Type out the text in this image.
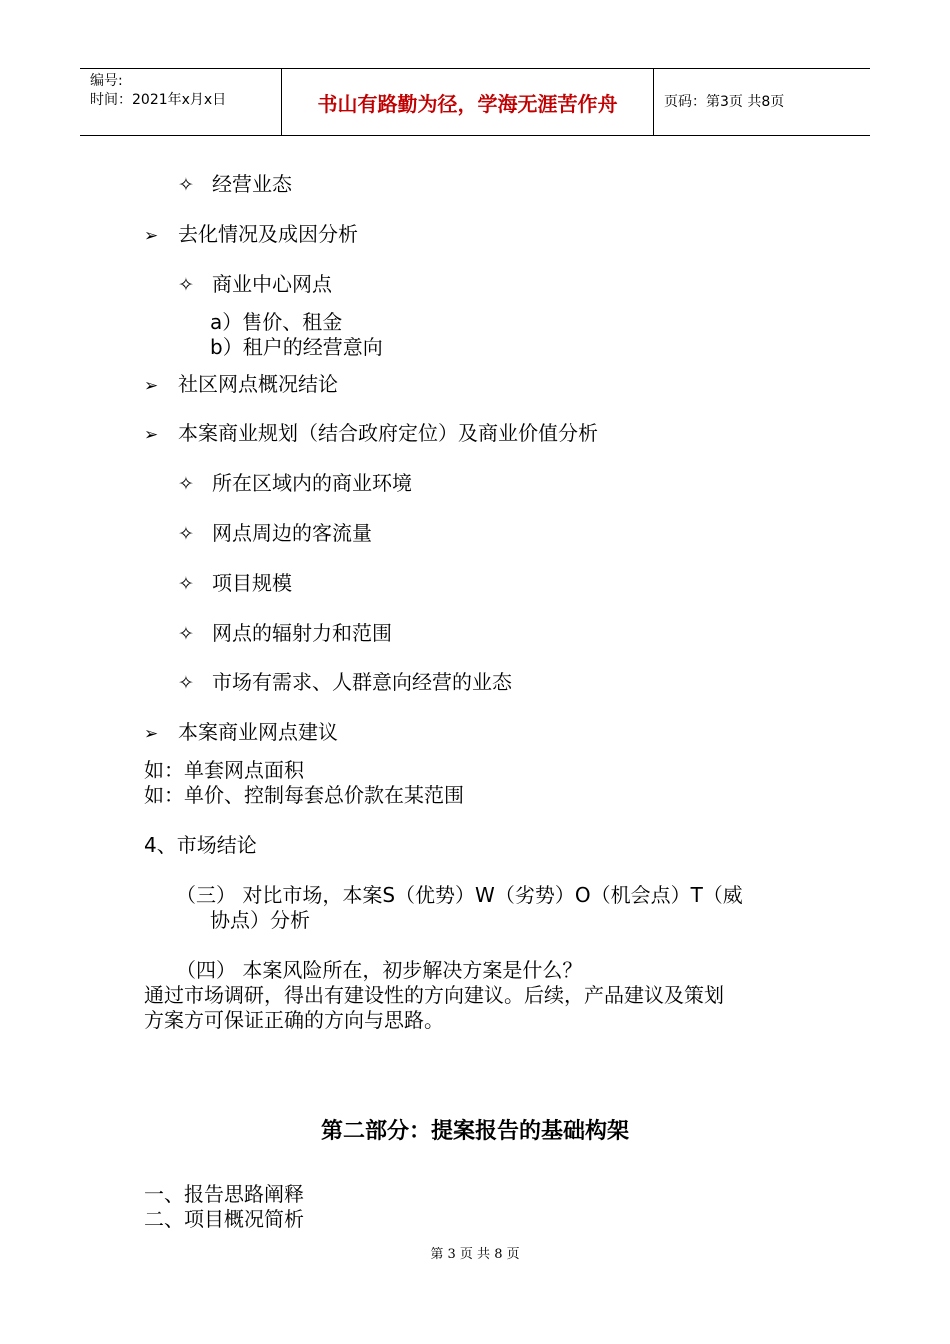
编号:
时间：2021年x月x日	书山有路勤为径，学海无涯苦作舟	页码：第3页 共8页
✧ 经营业态
➢ 去化情况及成因分析
✧ 商业中心网点
a）售价、租金
b）租户的经营意向
➢ 社区网点概况结论
➢ 本案商业规划（结合政府定位）及商业价值分析
✧ 所在区域内的商业环境
✧ 网点周边的客流量
✧ 项目规模
✧ 网点的辐射力和范围
✧ 市场有需求、人群意向经营的业态
➢ 本案商业网点建议
如：单套网点面积
如：单价、控制每套总价款在某范围
4、市场结论
（三） 对比市场，本案S（优势）W（劣势）O（机会点）T（威
协点）分析
（四） 本案风险所在，初步解决方案是什么？
通过市场调研，得出有建设性的方向建议。后续，产品建议及策划
方案方可保证正确的方向与思路。
第二部分：提案报告的基础构架
一、报告思路阐释
二、项目概况简析
第 3 页 共 8 页
